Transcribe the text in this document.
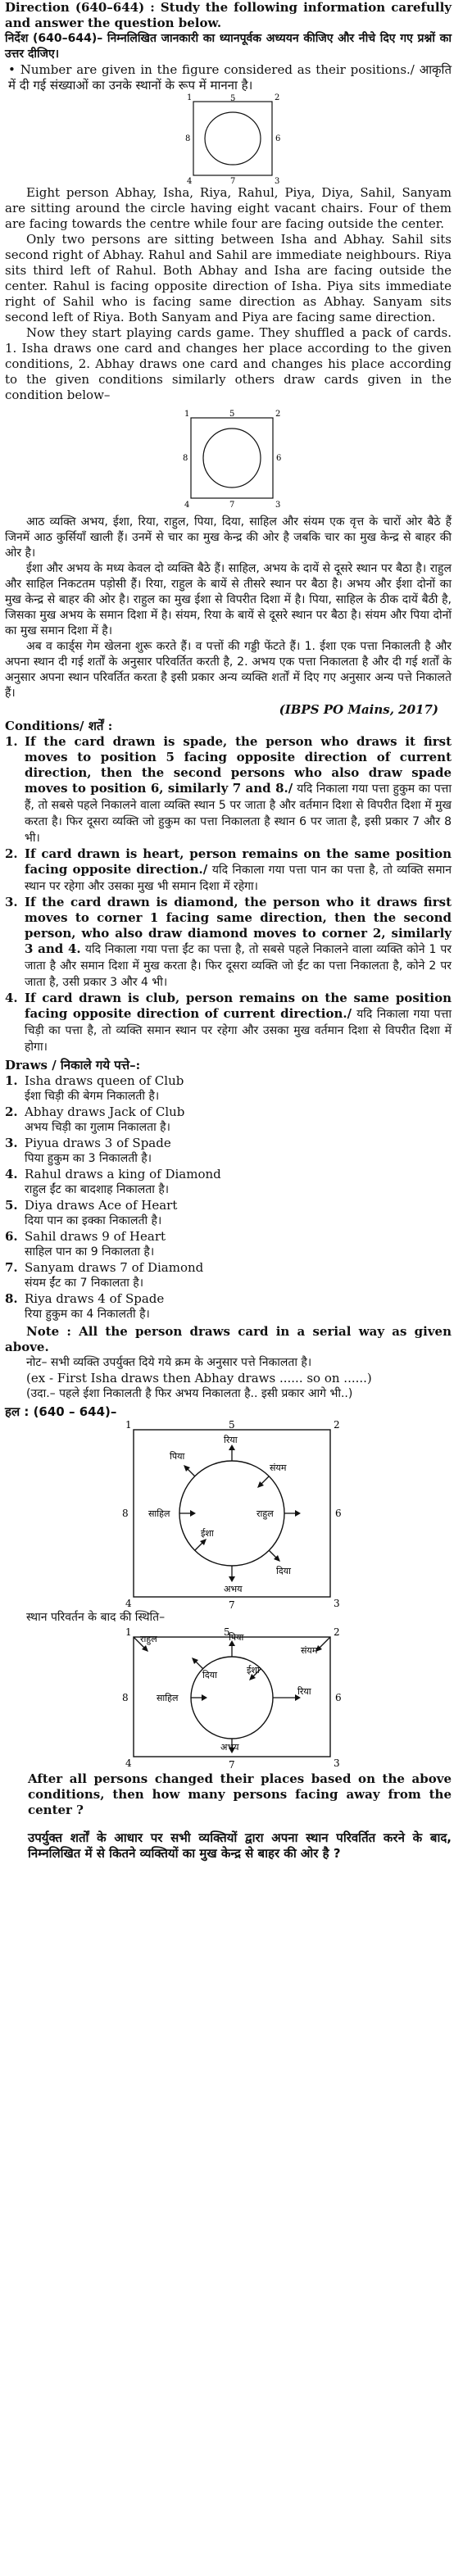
Direction (640–644) : Study the following information carefully and answer the question below.

निर्देश (640–644)– निम्नलिखित जानकारी का ध्यानपूर्वक अध्ययन कीजिए और नीचे दिए गए प्रश्नों का उत्तर दीजिए।

• Number are given in the figure considered as their positions./ आकृति में दी गई संख्याओं का उनके स्थानों के रूप में मानना है।

1	2
3
4
5
6
7
8

Eight person Abhay, Isha, Riya, Rahul, Piya, Diya, Sahil, Sanyam are sitting around the circle having eight vacant chairs. Four of them are facing towards the centre while four are facing outside the center.

Only two persons are sitting between Isha and Abhay. Sahil sits second right of Abhay. Rahul and Sahil are immediate neighbours. Riya sits third left of Rahul. Both Abhay and Isha are facing outside the center. Rahul is facing opposite direction of Isha. Piya sits immediate right of Sahil who is facing same direction as Abhay. Sanyam sits second left of Riya. Both Sanyam and Piya are facing same direction.

Now they start playing cards game. They shuffled a pack of cards. 1. Isha draws one card and changes her place according to the given conditions, 2. Abhay draws one card and changes his place according to the given conditions similarly others draw cards given in the condition below–

1	2
3
4
5
6
7
8

आठ व्यक्ति अभय, ईशा, रिया, राहुल, पिया, दिया, साहिल और संयम एक वृत्त के चारों ओर बैठे हैं जिनमें आठ कुर्सियाँ खाली हैं। उनमें से चार का मुख केन्द्र की ओर है जबकि चार का मुख केन्द्र से बाहर की ओर है।

ईशा और अभय के मध्य केवल दो व्यक्ति बैठे हैं। साहिल, अभय के दायें से दूसरे स्थान पर बैठा है। राहुल और साहिल निकटतम पड़ोसी हैं। रिया, राहुल के बायें से तीसरे स्थान पर बैठा है। अभय और ईशा दोनों का मुख केन्द्र से बाहर की ओर है। राहुल का मुख ईशा से विपरीत दिशा में है। पिया, साहिल के ठीक दायें बैठी है, जिसका मुख अभय के समान दिशा में है। संयम, रिया के बायें से दूसरे स्थान पर बैठा है। संयम और पिया दोनों का मुख समान दिशा में है।

अब व कार्ड्स गेम खेलना शुरू करते हैं। व पत्तों की गड्डी फेंटते हैं। 1. ईशा एक पत्ता निकालती है और अपना स्थान दी गई शर्तों के अनुसार परिवर्तित करती है, 2. अभय एक पत्ता निकालता है और दी गई शर्तों के अनुसार अपना स्थान परिवर्तित करता है इसी प्रकार अन्य व्यक्ति शर्तों में दिए गए अनुसार अन्य पत्ते निकालते हैं।

(IBPS PO Mains, 2017)
Conditions/ शर्तें :
1. If the card drawn is spade, the person who draws it first moves to position 5 facing opposite direction of current direction, then the second persons who also draw spade moves to position 6, similarly 7 and 8./ यदि निकाला गया पत्ता हुकुम का पत्ता हैं, तो सबसे पहले निकालने वाला व्यक्ति स्थान 5 पर जाता है और वर्तमान दिशा से विपरीत दिशा में मुख करता है। फिर दूसरा व्यक्ति जो हुकुम का पत्ता निकालता है स्थान 6 पर जाता है, इसी प्रकार 7 और 8 भी।
2. If card drawn is heart, person remains on the same position facing opposite direction./ यदि निकाला गया पत्ता पान का पत्ता है, तो व्यक्ति समान स्थान पर रहेगा और उसका मुख भी समान दिशा में रहेगा।
3. If the card drawn is diamond, the person who it draws first moves to corner 1 facing same direction, then the second person, who also draw diamond moves to corner 2, similarly 3 and 4. यदि निकाला गया पत्ता ईंट का पत्ता है, तो सबसे पहले निकालने वाला व्यक्ति कोने 1 पर जाता है और समान दिशा में मुख करता है। फिर दूसरा व्यक्ति जो ईंट का पत्ता निकालता है, कोने 2 पर जाता है, उसी प्रकार 3 और 4 भी।
4. If card drawn is club, person remains on the same position facing opposite direction of current direction./ यदि निकाला गया पत्ता चिड़ी का पत्ता है, तो व्यक्ति समान स्थान पर रहेगा और उसका मुख वर्तमान दिशा से विपरीत दिशा में होगा।
Draws / निकाले गये पत्ते–:
1. Isha draws queen of Club
ईशा चिड़ी की बेगम निकालती है।
2. Abhay draws Jack of Club
अभय चिड़ी का गुलाम निकालता है।
3. Piyua draws 3 of Spade
पिया हुकुम का 3 निकालती है।
4. Rahul draws a king of Diamond
राहुल ईंट का बादशाह निकालता है।
5. Diya draws Ace of Heart
दिया पान का इक्का निकालती है।
6. Sahil draws 9 of Heart
साहिल पान का 9 निकालता है।
7. Sanyam draws 7 of Diamond
संयम ईंट का 7 निकालता है।
8. Riya draws 4 of Spade
रिया हुकुम का 4 निकालती है।

Note : All the person draws card in a serial way as given above.

नोट– सभी व्यक्ति उपर्युक्त दिये गये क्रम के अनुसार पत्ते निकालता है।

(ex - First Isha draws then Abhay draws ...... so on ......)

(उदा.– पहले ईशा निकालती है फिर अभय निकालता है.. इसी प्रकार आगे भी..)

हल : (640 – 644)–
1	2
3
4
5
6
7
8
रिया
संयम
राहुल
दिया
अभय
ईशा
साहिल
पिया

स्थान परिवर्तन के बाद की स्थिति–

1	2
3
4
5
6
7
8
पिया
रिया
राहुल
संयम
दिया	ईशा
साहिल
अभय

After all persons changed their places based on the above conditions, then how many persons facing away from the center ?

उपर्युक्त शर्तों के आधार पर सभी व्यक्तियों द्वारा अपना स्थान परिवर्तित करने के बाद, निम्नलिखित में से कितने व्यक्तियों का मुख केन्द्र से बाहर की ओर है ?
